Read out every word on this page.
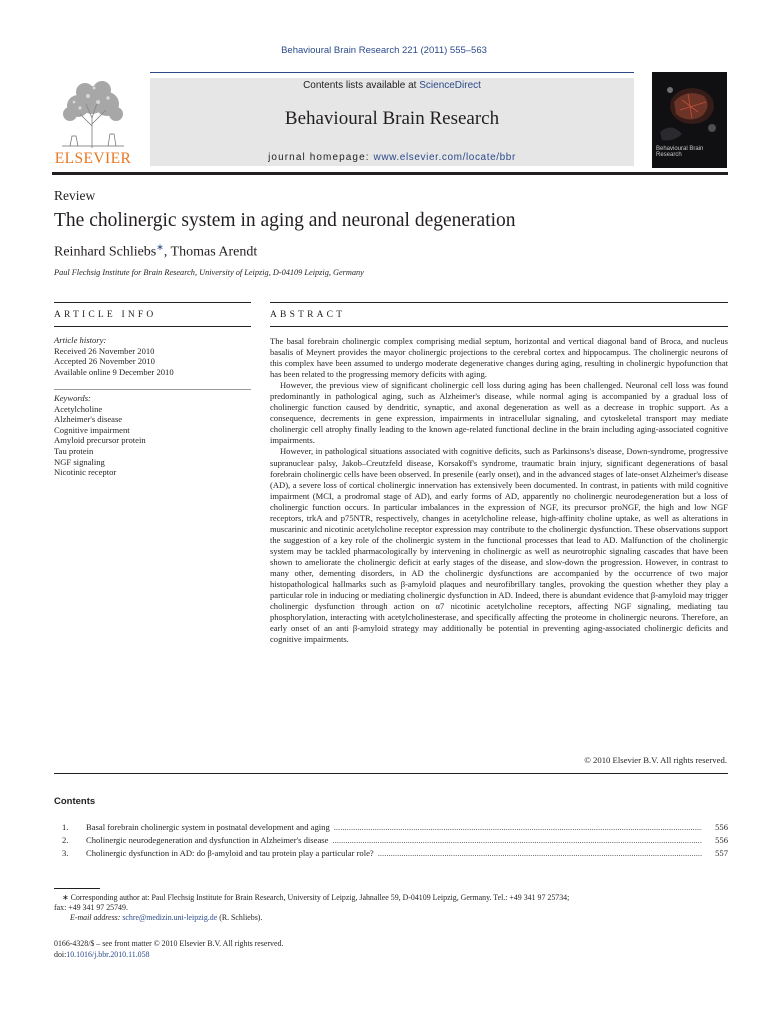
Behavioural Brain Research 221 (2011) 555–563
ELSEVIER
Contents lists available at ScienceDirect
Behavioural Brain Research
journal homepage: www.elsevier.com/locate/bbr
Behavioural Brain Research
Review
The cholinergic system in aging and neuronal degeneration
Reinhard Schliebs∗, Thomas Arendt
Paul Flechsig Institute for Brain Research, University of Leipzig, D-04109 Leipzig, Germany
ARTICLE INFO
Article history:
Received 26 November 2010
Accepted 26 November 2010
Available online 9 December 2010
Keywords:
Acetylcholine
Alzheimer's disease
Cognitive impairment
Amyloid precursor protein
Tau protein
NGF signaling
Nicotinic receptor
ABSTRACT

The basal forebrain cholinergic complex comprising medial septum, horizontal and vertical diagonal band of Broca, and nucleus basalis of Meynert provides the mayor cholinergic projections to the cerebral cortex and hippocampus. The cholinergic neurons of this complex have been assumed to undergo moderate degenerative changes during aging, resulting in cholinergic hypofunction that has been related to the progressing memory deficits with aging.

However, the previous view of significant cholinergic cell loss during aging has been challenged. Neuronal cell loss was found predominantly in pathological aging, such as Alzheimer's disease, while normal aging is accompanied by a gradual loss of cholinergic function caused by dendritic, synaptic, and axonal degeneration as well as a decrease in trophic support. As a consequence, decrements in gene expression, impairments in intracellular signaling, and cytoskeletal transport may mediate cholinergic cell atrophy finally leading to the known age-related functional decline in the brain including aging-associated cognitive impairments.

However, in pathological situations associated with cognitive deficits, such as Parkinsons's disease, Down-syndrome, progressive supranuclear palsy, Jakob–Creutzfeld disease, Korsakoff's syndrome, traumatic brain injury, significant degenerations of basal forebrain cholinergic cells have been observed. In presenile (early onset), and in the advanced stages of late-onset Alzheimer's disease (AD), a severe loss of cortical cholinergic innervation has extensively been documented. In contrast, in patients with mild cognitive impairment (MCI, a prodromal stage of AD), and early forms of AD, apparently no cholinergic neurodegeneration but a loss of cholinergic function occurs. In particular imbalances in the expression of NGF, its precursor proNGF, the high and low NGF receptors, trkA and p75NTR, respectively, changes in acetylcholine release, high-affinity choline uptake, as well as alterations in muscarinic and nicotinic acetylcholine receptor expression may contribute to the cholinergic dysfunction. These observations support the suggestion of a key role of the cholinergic system in the functional processes that lead to AD. Malfunction of the cholinergic system may be tackled pharmacologically by intervening in cholinergic as well as neurotrophic signaling cascades that have been shown to ameliorate the cholinergic deficit at early stages of the disease, and slow-down the progression. However, in contrast to many other, dementing disorders, in AD the cholinergic dysfunctions are accompanied by the occurrence of two major histopathological hallmarks such as β-amyloid plaques and neurofibrillary tangles, provoking the question whether they play a particular role in inducing or mediating cholinergic dysfunction in AD. Indeed, there is abundant evidence that β-amyloid may trigger cholinergic dysfunction through action on α7 nicotinic acetylcholine receptors, affecting NGF signaling, mediating tau phosphorylation, interacting with acetylcholinesterase, and specifically affecting the proteome in cholinergic neurons. Therefore, an early onset of an anti β-amyloid strategy may additionally be potential in preventing aging-associated cholinergic deficits and cognitive impairments.

© 2010 Elsevier B.V. All rights reserved.
Contents
1.	Basal forebrain cholinergic system in postnatal development and aging .....	556
2.	Cholinergic neurodegeneration and dysfunction in Alzheimer's disease .....	556
3.	Cholinergic dysfunction in AD: do β-amyloid and tau protein play a particular role? .....	557
∗ Corresponding author at: Paul Flechsig Institute for Brain Research, University of Leipzig, Jahnallee 59, D-04109 Leipzig, Germany. Tel.: +49 341 97 25734;
fax: +49 341 97 25749.
E-mail address: schre@medizin.uni-leipzig.de (R. Schliebs).
0166-4328/$ – see front matter © 2010 Elsevier B.V. All rights reserved.
doi:10.1016/j.bbr.2010.11.058
